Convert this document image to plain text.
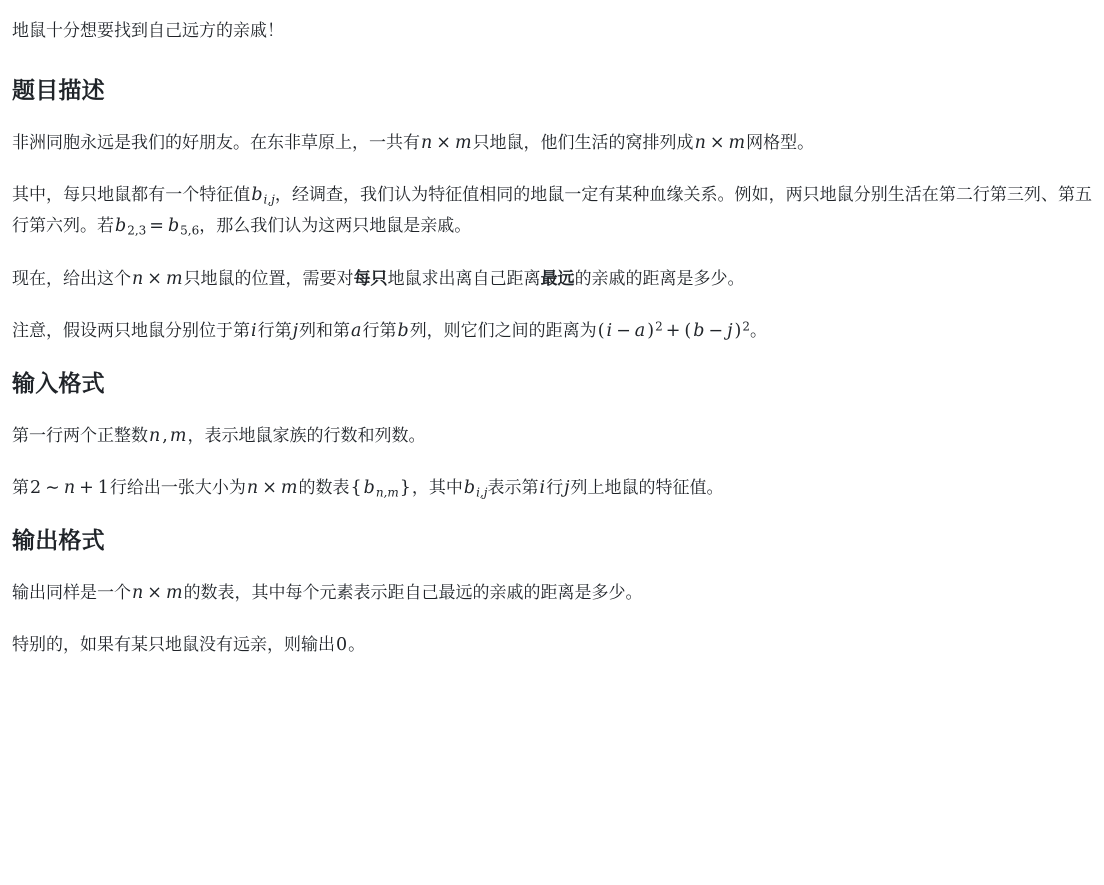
地鼠十分想要找到自己远方的亲戚！

题目描述

非洲同胞永远是我们的好朋友。在东非草原上，一共有n × m只地鼠，他们生活的窝排列成n × m网格型。

其中，每只地鼠都有一个特征值$b_{i,j}$，经调查，我们认为特征值相同的地鼠一定有某种血缘关系。例如，两只地鼠分别生活在第二行第三列、第五行第六列。若b2,3 = b5,6，那么我们认为这两只地鼠是亲戚。

现在，给出这个n × m只地鼠的位置，需要对每只地鼠求出离自己距离最远的亲戚的距离是多少。

注意，假设两只地鼠分别位于第i行第j列和第a行第b列，则它们之间的距离为( i − a )$^2$ + ( b − j )$^2$。

输入格式

第一行两个正整数n , m，表示地鼠家族的行数和列数。

第2 ∼ n + 1行给出一张大小为n × m的数表{ $b_{n,m}$}，其中$b_{i,j}$表示第i行j列上地鼠的特征值。

输出格式

输出同样是一个n × m的数表，其中每个元素表示距自己最远的亲戚的距离是多少。

特别的，如果有某只地鼠没有远亲，则输出0。
